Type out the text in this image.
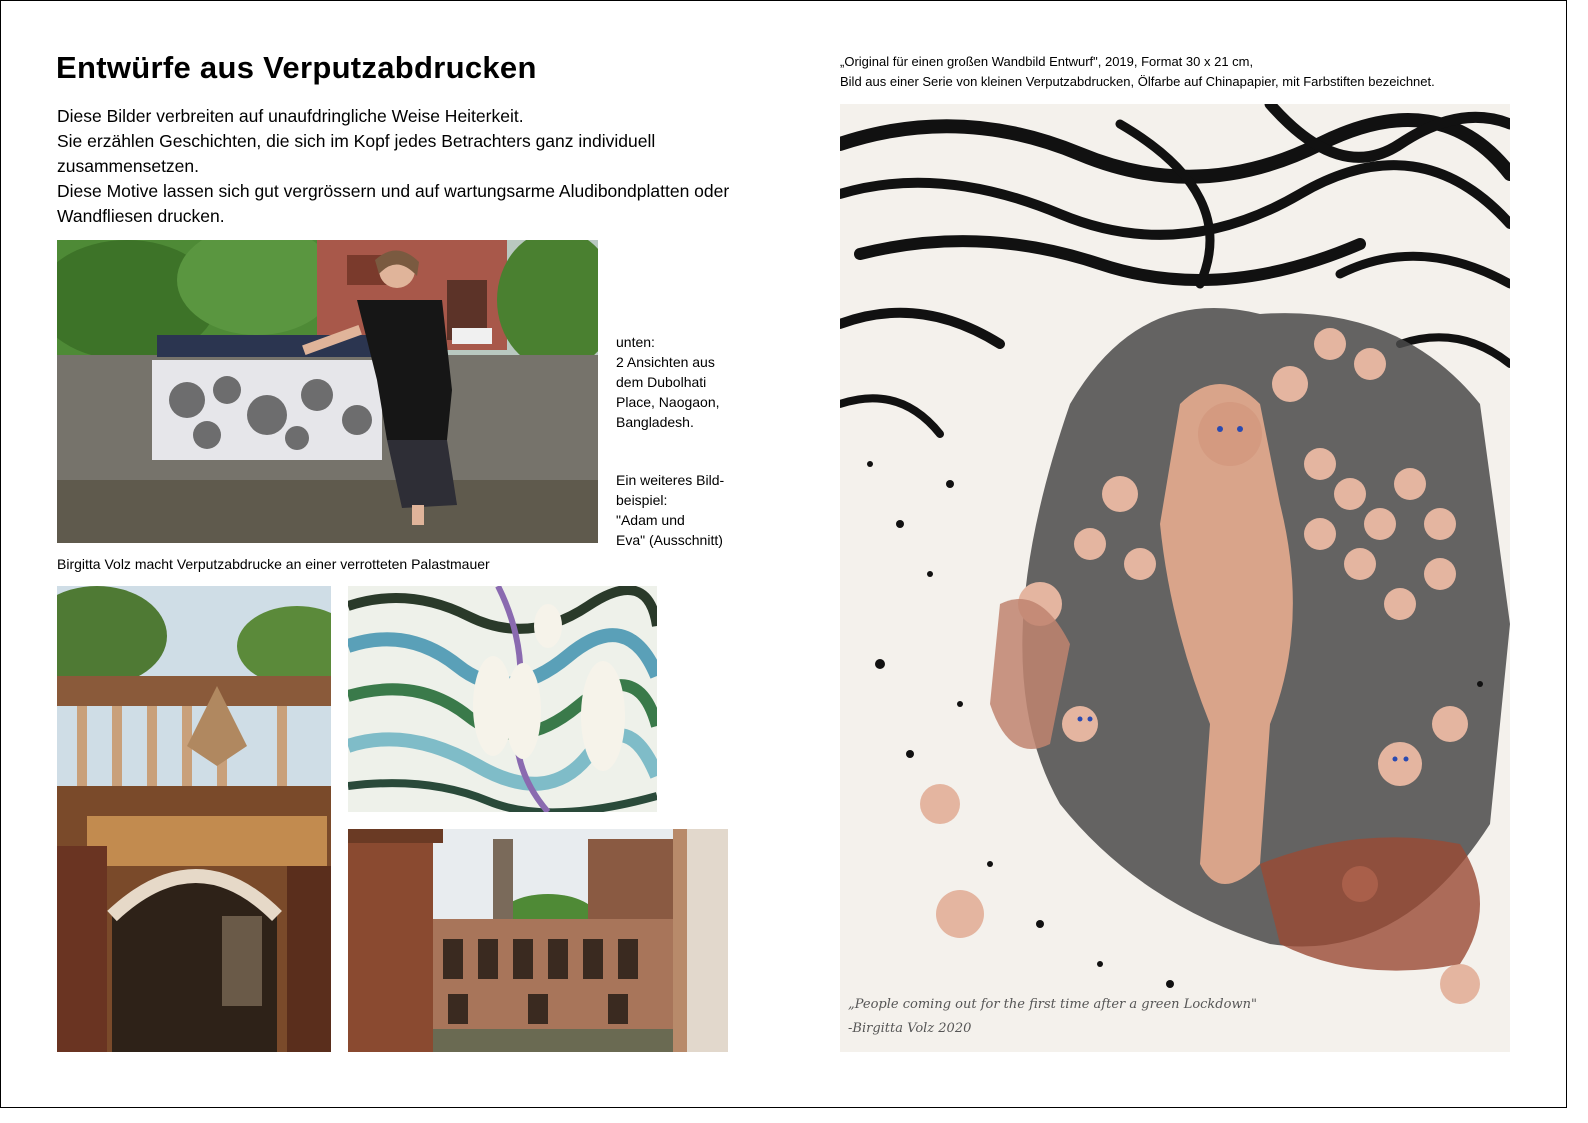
Entwürfe aus Verputzabdrucken

Diese Bilder verbreiten auf unaufdringliche Weise Heiterkeit.

Sie erzählen Geschichten, die sich im Kopf jedes Betrachters ganz individuell zusammensetzen.

Diese Motive lassen sich gut vergrössern und auf wartungsarme Aludibondplatten oder Wandfliesen drucken.

unten:

2 Ansichten aus

dem Dubolhati

Place, Naogaon,

Bangladesh.

Ein weiteres Bild-

beispiel:

"Adam und

Eva" (Ausschnitt)

Birgitta Volz macht Verputzabdrucke an einer verrotteten Palastmauer

„Original für einen großen Wandbild Entwurf", 2019, Format 30 x 21 cm,

Bild aus einer Serie von kleinen Verputzabdrucken, Ölfarbe auf Chinapapier, mit Farbstiften bezeichnet.

„People coming out for the first time after a green Lockdown"
-Birgitta Volz 2020
